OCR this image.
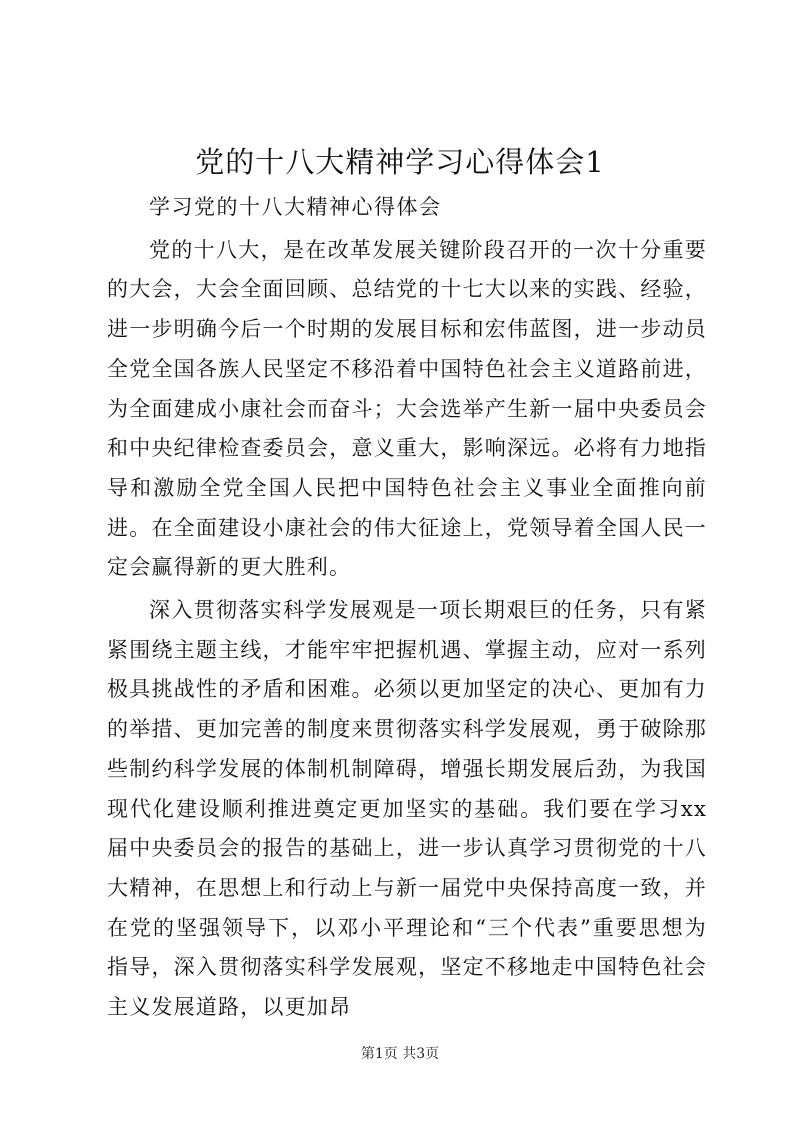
党的十八大精神学习心得体会1

学习党的十八大精神心得体会

党的十八大，是在改革发展关键阶段召开的一次十分重要的大会，大会全面回顾、总结党的十七大以来的实践、经验，进一步明确今后一个时期的发展目标和宏伟蓝图，进一步动员全党全国各族人民坚定不移沿着中国特色社会主义道路前进，为全面建成小康社会而奋斗；大会选举产生新一届中央委员会和中央纪律检查委员会，意义重大，影响深远。必将有力地指导和激励全党全国人民把中国特色社会主义事业全面推向前进。在全面建设小康社会的伟大征途上，党领导着全国人民一定会赢得新的更大胜利。

深入贯彻落实科学发展观是一项长期艰巨的任务，只有紧紧围绕主题主线，才能牢牢把握机遇、掌握主动，应对一系列极具挑战性的矛盾和困难。必须以更加坚定的决心、更加有力的举措、更加完善的制度来贯彻落实科学发展观，勇于破除那些制约科学发展的体制机制障碍，增强长期发展后劲，为我国现代化建设顺利推进奠定更加坚实的基础。我们要在学习xx届中央委员会的报告的基础上，进一步认真学习贯彻党的十八大精神，在思想上和行动上与新一届党中央保持高度一致，并在党的坚强领导下，以邓小平理论和“三个代表”重要思想为指导，深入贯彻落实科学发展观，坚定不移地走中国特色社会主义发展道路，以更加昂

第1页 共3页
